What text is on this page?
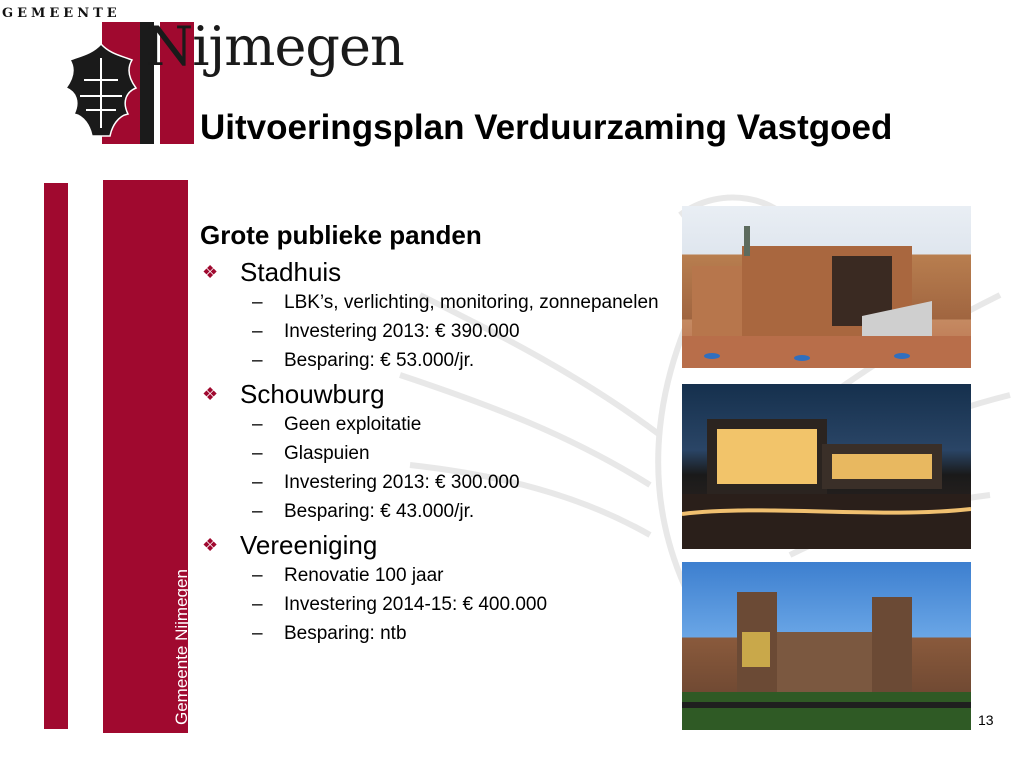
GEMEENTE
Nijmegen
Uitvoeringsplan Verduurzaming Vastgoed
Gemeente Nijmegen
Grote publieke panden
❖ Stadhuis
–	LBK’s, verlichting, monitoring, zonnepanelen
–	Investering 2013: € 390.000
–	Besparing: € 53.000/jr.
❖ Schouwburg
–	Geen exploitatie
–	Glaspuien
–	Investering 2013: € 300.000
–	Besparing: € 43.000/jr.
❖ Vereeniging
–	Renovatie 100 jaar
–	Investering 2014-15: € 400.000
–	Besparing: ntb
13
